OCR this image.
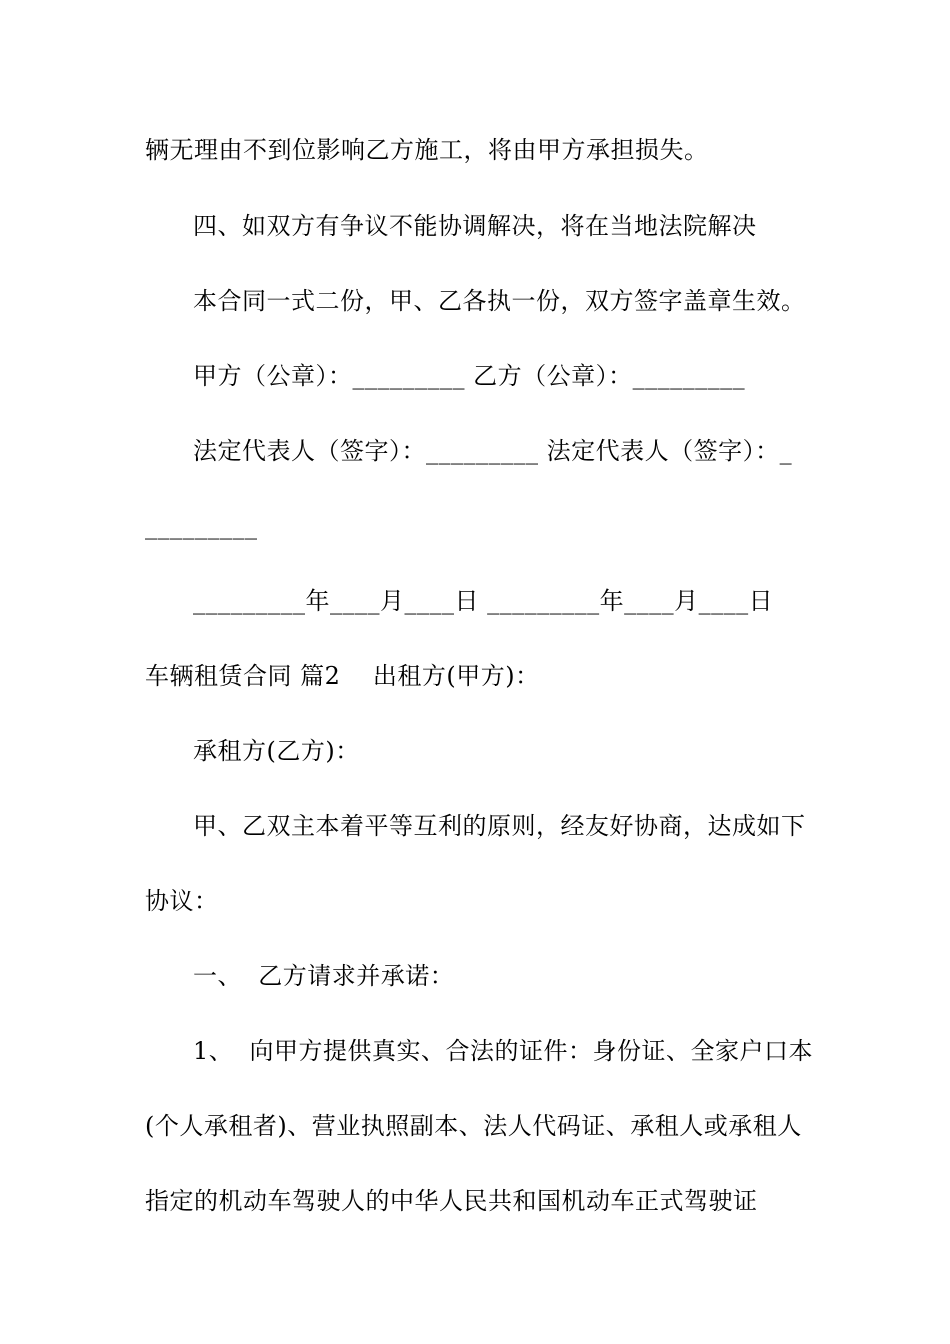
辆无理由不到位影响乙方施工，将由甲方承担损失。
四、如双方有争议不能协调解决，将在当地法院解决
本合同一式二份，甲、乙各执一份，双方签字盖章生效。
甲方（公章）：_________ 乙方（公章）：_________
法定代表人（签字）：_________ 法定代表人（签字）：_
_________
_________年____月____日 _________年____月____日
车辆租赁合同 篇2    出租方(甲方)：
承租方(乙方)：
甲、乙双主本着平等互利的原则，经友好协商，达成如下
协议：
一、  乙方请求并承诺：
1、  向甲方提供真实、合法的证件：身份证、全家户口本
(个人承租者)、营业执照副本、法人代码证、承租人或承租人
指定的机动车驾驶人的中华人民共和国机动车正式驾驶证
